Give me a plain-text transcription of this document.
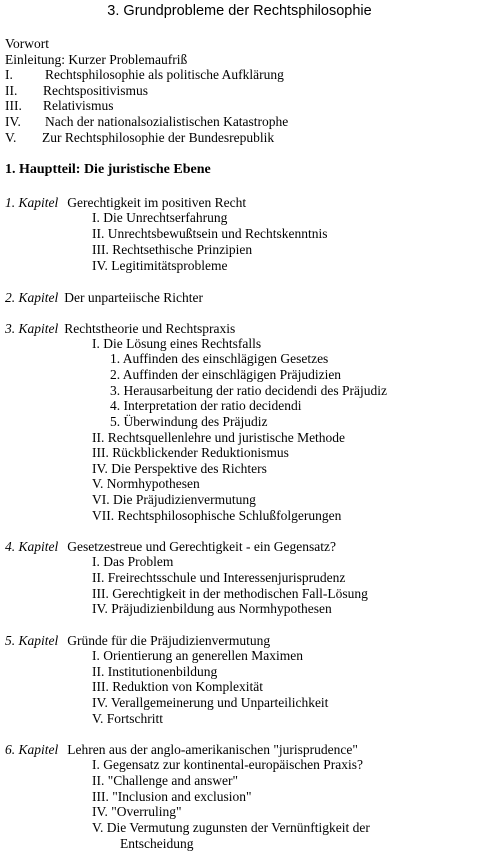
3. Grundprobleme der Rechtsphilosophie
Vorwort
Einleitung: Kurzer Problemaufriß
I. Rechtsphilosophie als politische Aufklärung
II. Rechtspositivismus
III. Relativismus
IV. Nach der nationalsozialistischen Katastrophe
V. Zur Rechtsphilosophie der Bundesrepublik
1. Hauptteil: Die juristische Ebene
1. Kapitel Gerechtigkeit im positiven Recht
I. Die Unrechtserfahrung
II. Unrechtsbewußtsein und Rechtskenntnis
III. Rechtsethische Prinzipien
IV. Legitimitätsprobleme
2. Kapitel Der unparteiische Richter
3. Kapitel Rechtstheorie und Rechtspraxis
I. Die Lösung eines Rechtsfalls
1. Auffinden des einschlägigen Gesetzes
2. Auffinden der einschlägigen Präjudizien
3. Herausarbeitung der ratio decidendi des Präjudiz
4. Interpretation der ratio decidendi
5. Überwindung des Präjudiz
II. Rechtsquellenlehre und juristische Methode
III. Rückblickender Reduktionismus
IV. Die Perspektive des Richters
V. Normhypothesen
VI. Die Präjudizienvermutung
VII. Rechtsphilosophische Schlußfolgerungen
4. Kapitel Gesetzestreue und Gerechtigkeit - ein Gegensatz?
I. Das Problem
II. Freirechtsschule und Interessenjurisprudenz
III. Gerechtigkeit in der methodischen Fall-Lösung
IV. Präjudizienbildung aus Normhypothesen
5. Kapitel Gründe für die Präjudizienvermutung
I. Orientierung an generellen Maximen
II. Institutionenbildung
III. Reduktion von Komplexität
IV. Verallgemeinerung und Unparteilichkeit
V. Fortschritt
6. Kapitel Lehren aus der anglo-amerikanischen "jurisprudence"
I. Gegensatz zur kontinental-europäischen Praxis?
II. "Challenge and answer"
III. "Inclusion and exclusion"
IV. "Overruling"
V. Die Vermutung zugunsten der Vernünftigkeit der
Entscheidung
